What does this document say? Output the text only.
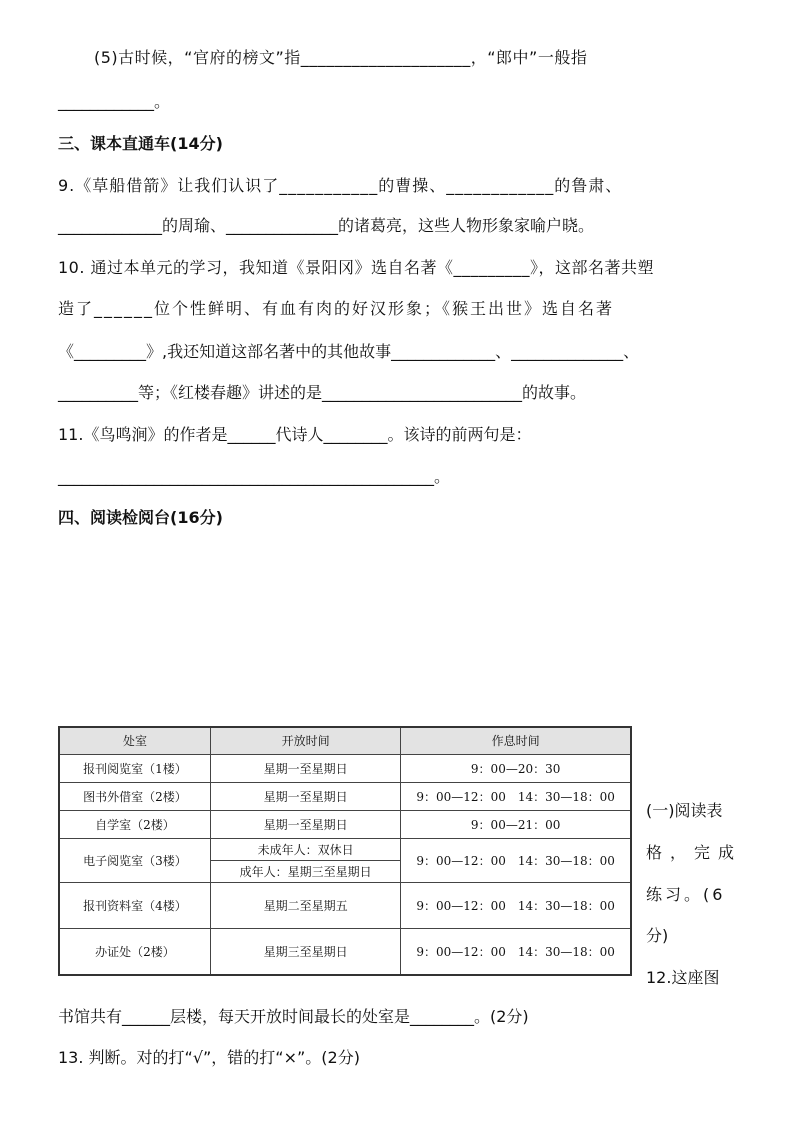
(5)古时候，“官府的榜文”指____________________，“郎中”一般指
____________。
三、课本直通车(14分)
9.《草船借箭》让我们认识了___________的曹操、____________的鲁肃、
_____________的周瑜、______________的诸葛亮，这些人物形象家喻户晓。
10. 通过本单元的学习，我知道《景阳冈》选自名著《_________》，这部名著共塑
造了______位个性鲜明、有血有肉的好汉形象；《猴王出世》选自名著
《_________》,我还知道这部名著中的其他故事_____________、______________、
__________等；《红楼春趣》讲述的是_________________________的故事。
11.《鸟鸣涧》的作者是______代诗人________。该诗的前两句是：
_______________________________________________。
四、阅读检阅台(16分)
处室	开放时间	作息时间
报刊阅览室（1楼）	星期一至星期日	9：00—20：30
图书外借室（2楼）	星期一至星期日	9：00—12：00　14：30—18：00
自学室（2楼）	星期一至星期日	9：00—21：00
电子阅览室（3楼）	未成年人：双休日	9：00—12：00　14：30—18：00
	成年人：星期三至星期日	
报刊资料室（4楼）	星期二至星期五	9：00—12：00　14：30—18：00
办证处（2楼）	星期三至星期日	9：00—12：00　14：30—18：00
(一)阅读表
格，完成
练习。(6
分)
12.这座图
书馆共有______层楼，每天开放时间最长的处室是________。(2分)
13. 判断。对的打“√”，错的打“×”。(2分)
